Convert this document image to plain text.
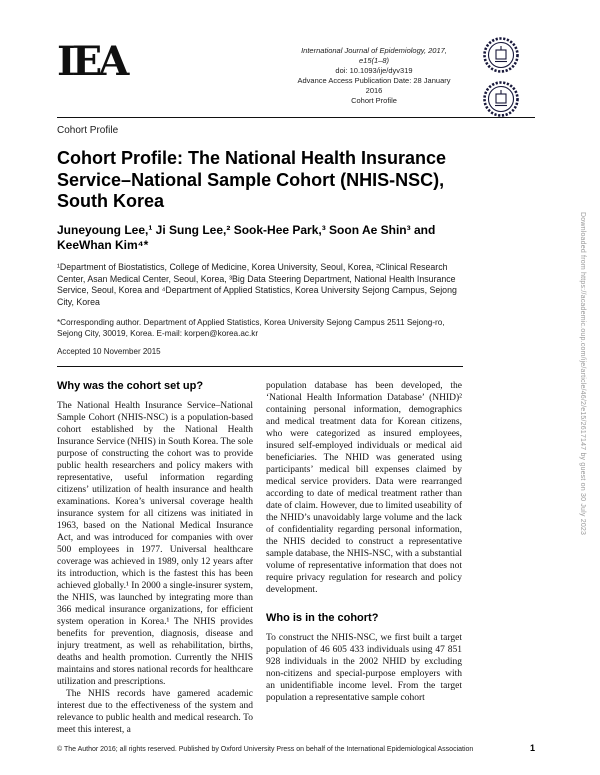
IEA	International Journal of Epidemiology, 2017, e15(1–8)
doi: 10.1093/ije/dyv319
Advance Access Publication Date: 28 January 2016
Cohort Profile
Cohort Profile
Cohort Profile: The National Health Insurance Service–National Sample Cohort (NHIS-NSC), South Korea
Juneyoung Lee,¹ Ji Sung Lee,² Sook-Hee Park,³ Soon Ae Shin³ and KeeWhan Kim⁴*
¹Department of Biostatistics, College of Medicine, Korea University, Seoul, Korea, ²Clinical Research Center, Asan Medical Center, Seoul, Korea, ³Big Data Steering Department, National Health Insurance Service, Seoul, Korea and ⁴Department of Applied Statistics, Korea University Sejong Campus, Sejong City, Korea
*Corresponding author. Department of Applied Statistics, Korea University Sejong Campus 2511 Sejong-ro, Sejong City, 30019, Korea. E-mail: korpen@korea.ac.kr
Accepted 10 November 2015
Why was the cohort set up?

The National Health Insurance Service–National Sample Cohort (NHIS-NSC) is a population-based cohort established by the National Health Insurance Service (NHIS) in South Korea. The sole purpose of constructing the cohort was to provide public health researchers and policy makers with representative, useful information regarding citizens’ utilization of health insurance and health examinations. Korea’s universal coverage health insurance system for all citizens was initiated in 1963, based on the National Medical Insurance Act, and was introduced for companies with over 500 employees in 1977. Universal healthcare coverage was achieved in 1989, only 12 years after its introduction, which is the fastest this has been achieved globally.¹ In 2000 a single-insurer system, the NHIS, was launched by integrating more than 366 medical insurance organizations, for efficient system operation in Korea.¹ The NHIS provides benefits for prevention, diagnosis, disease and injury treatment, as well as rehabilitation, births, deaths and health promotion. Currently the NHIS maintains and stores national records for healthcare utilization and prescriptions.

The NHIS records have gamered academic interest due to the effectiveness of the system and relevance to public health and medical research. To meet this interest, a

population database has been developed, the ‘National Health Information Database’ (NHID)² containing personal information, demographics and medical treatment data for Korean citizens, who were categorized as insured employees, insured self-employed individuals or medical aid beneficiaries. The NHID was generated using participants’ medical bill expenses claimed by medical service providers. Data were rearranged according to date of medical treatment rather than date of claim. However, due to limited useability of the NHID’s unavoidably large volume and the lack of confidentiality regarding personal information, the NHIS decided to construct a representative sample database, the NHIS-NSC, with a substantial volume of representative information that does not require privacy regulation for research and policy development.

Who is in the cohort?

To construct the NHIS-NSC, we first built a target population of 46 605 433 individuals using 47 851 928 individuals in the 2002 NHID by excluding non-citizens and special-purpose employers with an unidentifiable income level. From the target population a representative sample cohort

Downloaded from https://academic.oup.com/ije/article/46/2/e15/2617147 by guest on 30 July 2023
© The Author 2016; all rights reserved. Published by Oxford University Press on behalf of the International Epidemiological Association	1
